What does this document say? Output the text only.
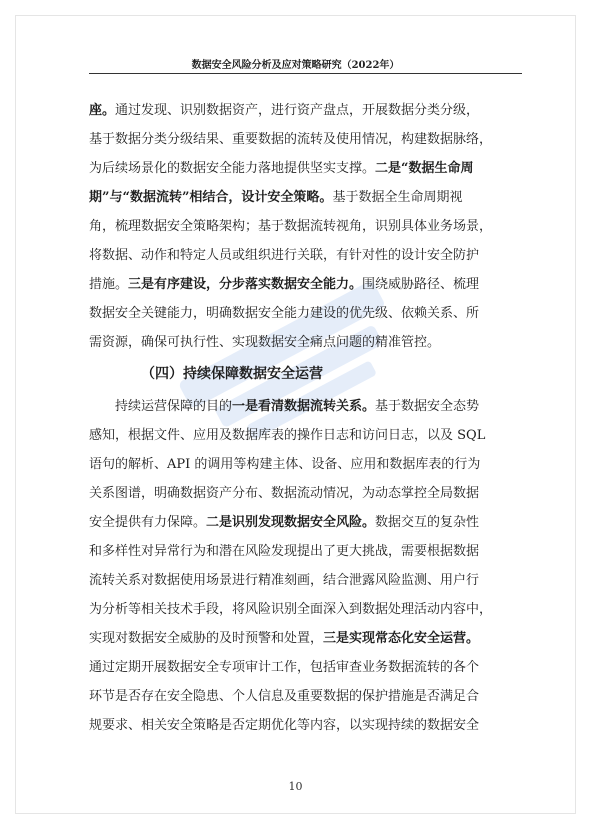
数据安全风险分析及应对策略研究（2022年）
座。通过发现、识别数据资产，进行资产盘点，开展数据分类分级，
基于数据分类分级结果、重要数据的流转及使用情况，构建数据脉络，
为后续场景化的数据安全能力落地提供坚实支撑。二是“数据生命周
期”与“数据流转”相结合，设计安全策略。基于数据全生命周期视
角，梳理数据安全策略架构；基于数据流转视角，识别具体业务场景，
将数据、动作和特定人员或组织进行关联，有针对性的设计安全防护
措施。三是有序建设，分步落实数据安全能力。围绕威胁路径、梳理
数据安全关键能力，明确数据安全能力建设的优先级、依赖关系、所
需资源，确保可执行性、实现数据安全痛点问题的精准管控。
（四）持续保障数据安全运营
持续运营保障的目的一是看清数据流转关系。基于数据安全态势
感知，根据文件、应用及数据库表的操作日志和访问日志，以及 SQL
语句的解析、API 的调用等构建主体、设备、应用和数据库表的行为
关系图谱，明确数据资产分布、数据流动情况，为动态掌控全局数据
安全提供有力保障。二是识别发现数据安全风险。数据交互的复杂性
和多样性对异常行为和潜在风险发现提出了更大挑战，需要根据数据
流转关系对数据使用场景进行精准刻画，结合泄露风险监测、用户行
为分析等相关技术手段，将风险识别全面深入到数据处理活动内容中，
实现对数据安全威胁的及时预警和处置，三是实现常态化安全运营。
通过定期开展数据安全专项审计工作，包括审查业务数据流转的各个
环节是否存在安全隐患、个人信息及重要数据的保护措施是否满足合
规要求、相关安全策略是否定期优化等内容，以实现持续的数据安全
10
